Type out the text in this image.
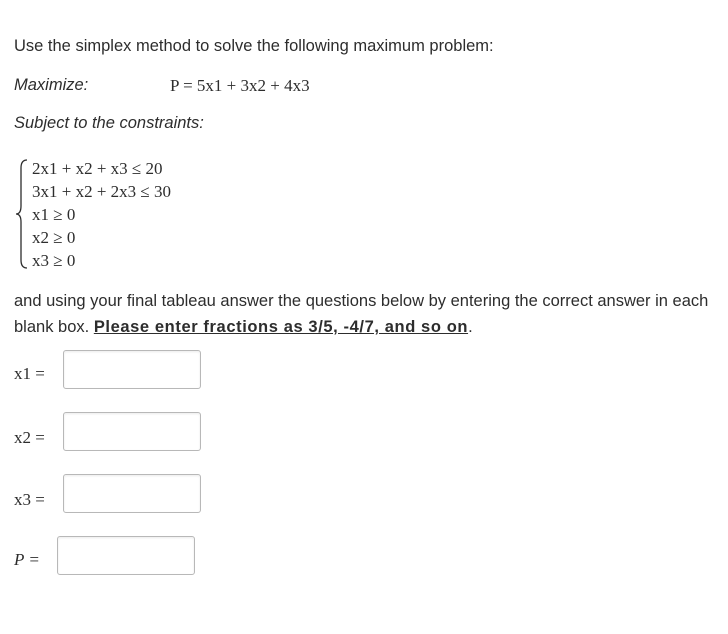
Use the simplex method to solve the following maximum problem:
Maximize:	P = 5x1 + 3x2 + 4x3
Subject to the constraints:
2x1 + x2 + x3 ≤ 20
3x1 + x2 + 2x3 ≤ 30
x1 ≥ 0
x2 ≥ 0
x3 ≥ 0
and using your final tableau answer the questions below by entering the correct answer in each blank box. Please enter fractions as 3/5, -4/7, and so on.
x1 =
x2 =
x3 =
P =
